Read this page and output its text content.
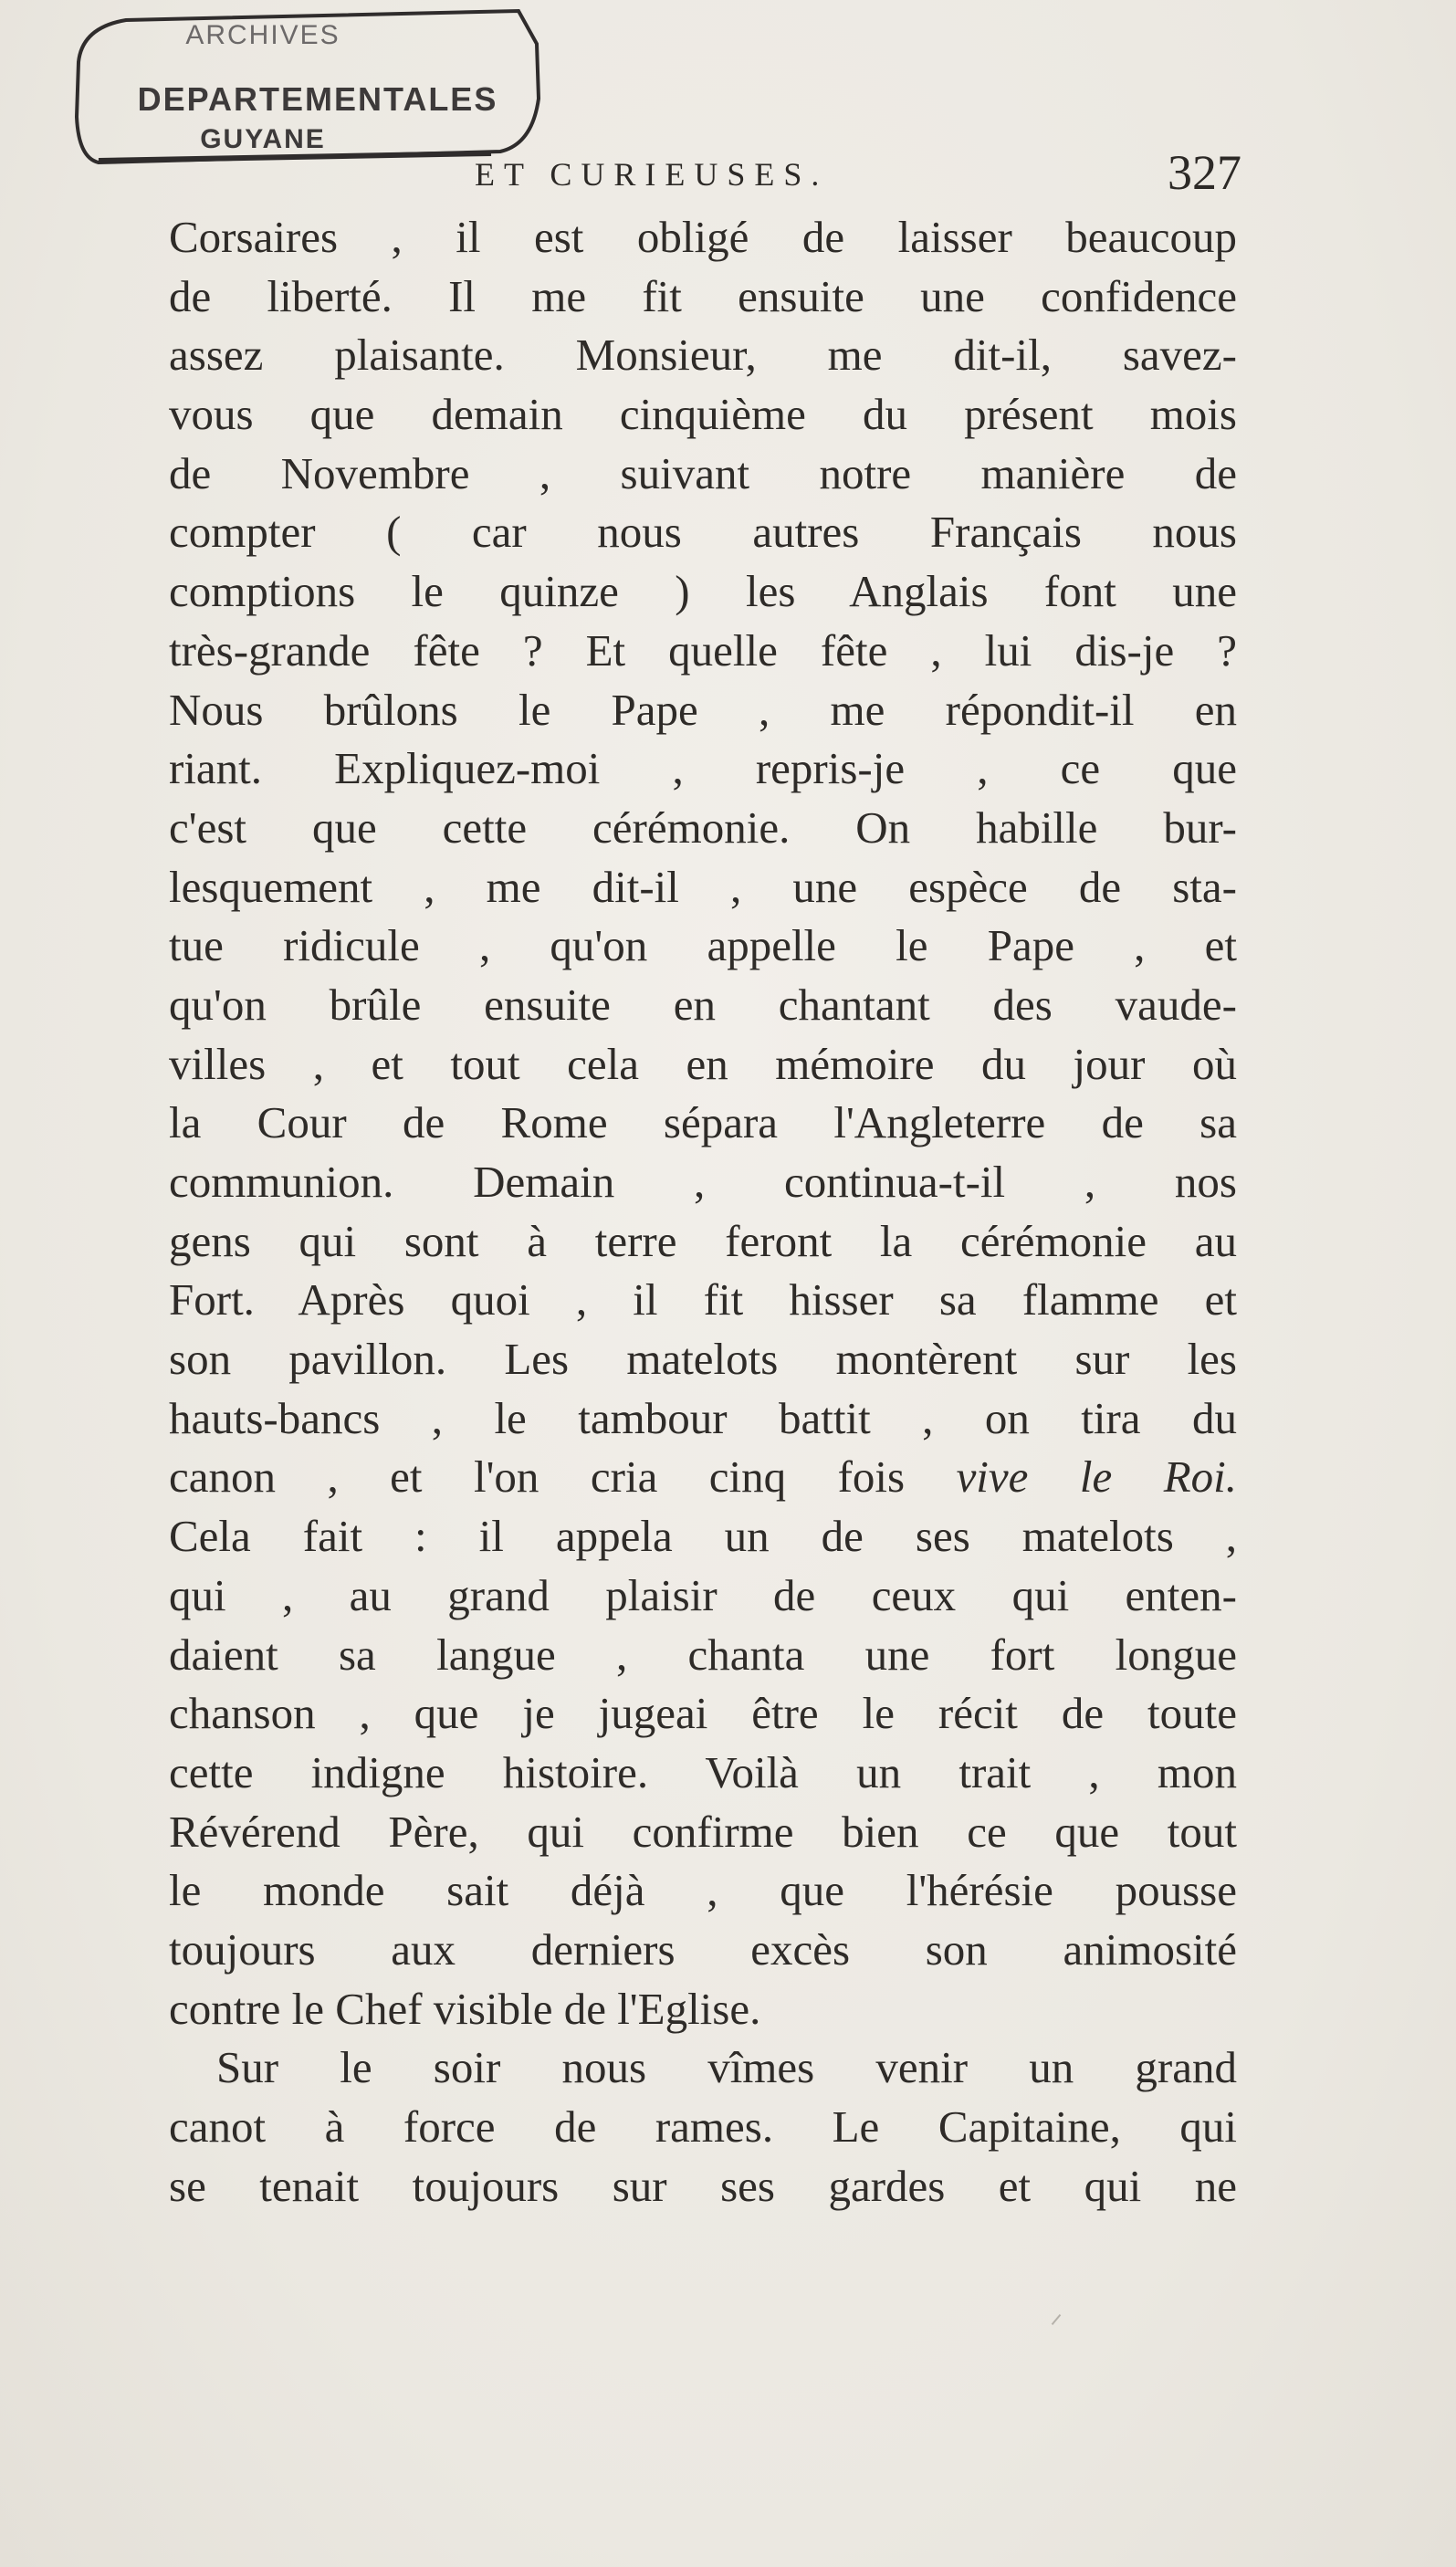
ARCHIVES
DEPARTEMENTALES
GUYANE
ET CURIEUSES.	327
Corsaires , il est obligé de laisser beaucoup
de liberté. Il me fit ensuite une confidence
assez plaisante. Monsieur, me dit-il, savez-
vous que demain cinquième du présent mois
de Novembre , suivant notre manière de
compter ( car nous autres Français nous
comptions le quinze ) les Anglais font une
très-grande fête ? Et quelle fête , lui dis-je ?
Nous brûlons le Pape , me répondit-il en
riant. Expliquez-moi , repris-je , ce que
c'est que cette cérémonie. On habille bur-
lesquement , me dit-il , une espèce de sta-
tue ridicule , qu'on appelle le Pape , et
qu'on brûle ensuite en chantant des vaude-
villes , et tout cela en mémoire du jour où
la Cour de Rome sépara l'Angleterre de sa
communion. Demain , continua-t-il , nos
gens qui sont à terre feront la cérémonie au
Fort. Après quoi , il fit hisser sa flamme et
son pavillon. Les matelots montèrent sur les
hauts-bancs , le tambour battit , on tira du
canon , et l'on cria cinq fois vive le Roi.
Cela fait : il appela un de ses matelots ,
qui , au grand plaisir de ceux qui enten-
daient sa langue , chanta une fort longue
chanson , que je jugeai être le récit de toute
cette indigne histoire. Voilà un trait , mon
Révérend Père, qui confirme bien ce que tout
le monde sait déjà , que l'hérésie pousse
toujours aux derniers excès son animosité
contre le Chef visible de l'Eglise.
Sur le soir nous vîmes venir un grand
canot à force de rames. Le Capitaine, qui
se tenait toujours sur ses gardes et qui ne
